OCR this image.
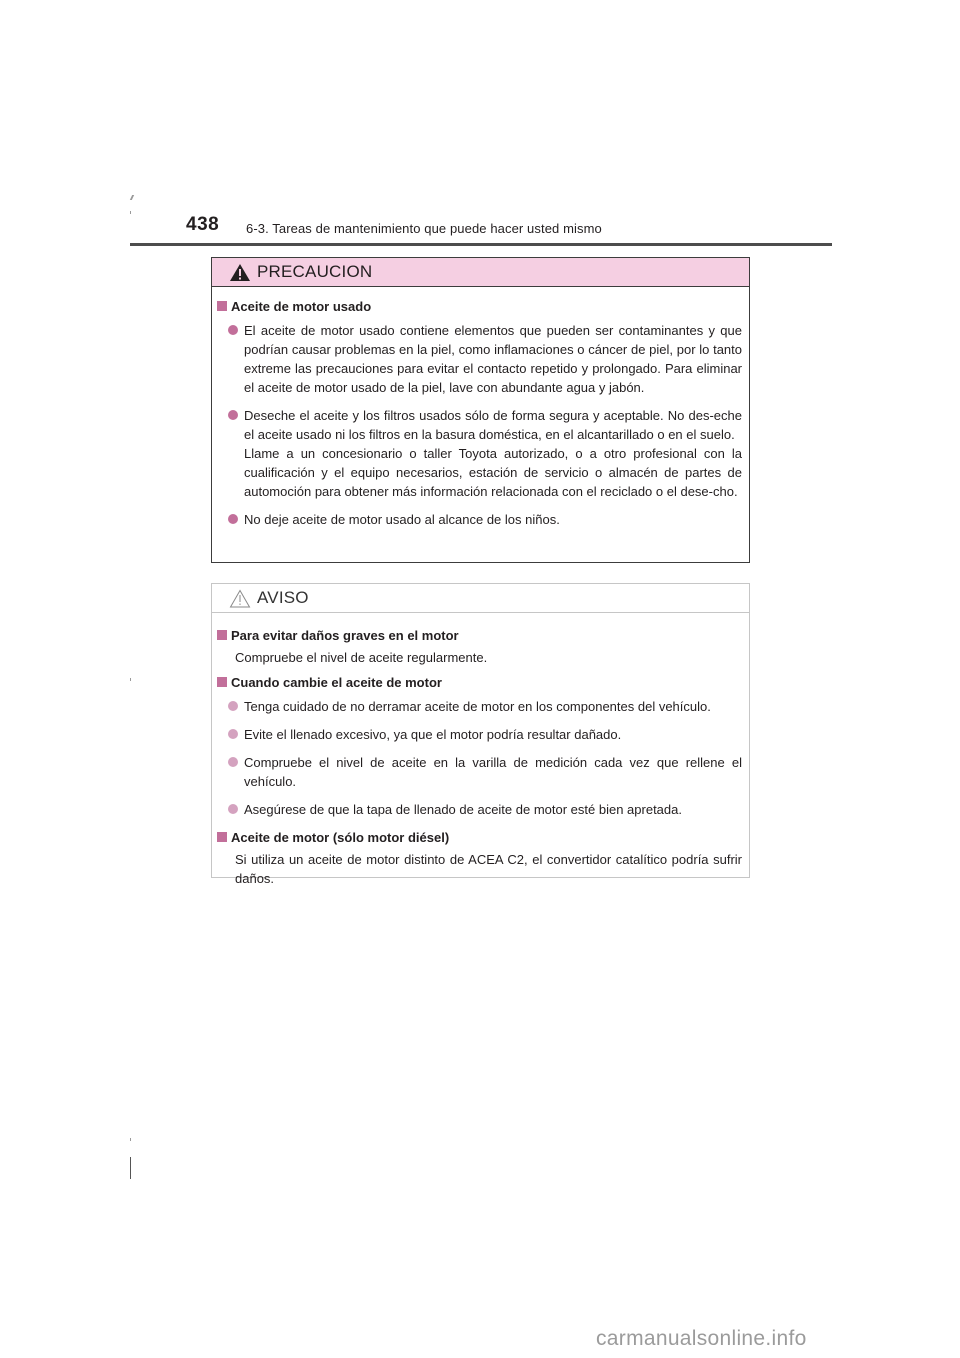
438 6-3. Tareas de mantenimiento que puede hacer usted mismo
PRECAUCION
Aceite de motor usado

El aceite de motor usado contiene elementos que pueden ser contaminantes y que podrían causar problemas en la piel, como inflamaciones o cáncer de piel, por lo tanto extreme las precauciones para evitar el contacto repetido y prolongado. Para eliminar el aceite de motor usado de la piel, lave con abundante agua y jabón.

Deseche el aceite y los filtros usados sólo de forma segura y aceptable. No des-eche el aceite usado ni los filtros en la basura doméstica, en el alcantarillado o en el suelo.

Llame a un concesionario o taller Toyota autorizado, o a otro profesional con la cualificación y el equipo necesarios, estación de servicio o almacén de partes de automoción para obtener más información relacionada con el reciclado o el dese-cho.

No deje aceite de motor usado al alcance de los niños.

AVISO
Para evitar daños graves en el motor

Compruebe el nivel de aceite regularmente.

Cuando cambie el aceite de motor
Tenga cuidado de no derramar aceite de motor en los componentes del vehículo.
Evite el llenado excesivo, ya que el motor podría resultar dañado.
Compruebe el nivel de aceite en la varilla de medición cada vez que rellene el vehículo.
Asegúrese de que la tapa de llenado de aceite de motor esté bien apretada.
Aceite de motor (sólo motor diésel)

Si utiliza un aceite de motor distinto de ACEA C2, el convertidor catalítico podría sufrir daños.

carmanualsonline.info
